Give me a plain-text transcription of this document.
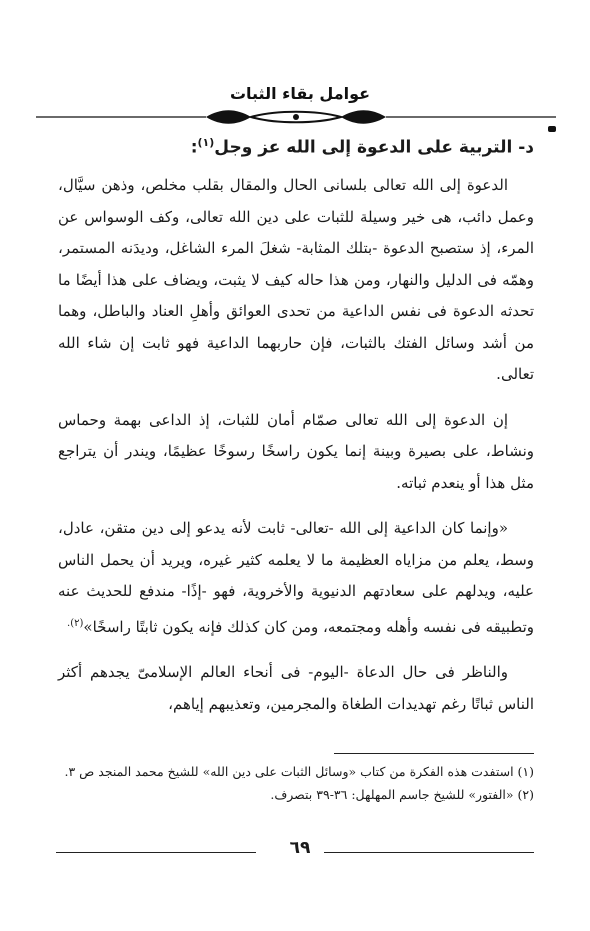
عوامل بقاء الثبات
د- التربية على الدعوة إلى الله عز وجل$^{(١)}$:

الدعوة إلى الله تعالى بلسانى الحال والمقال بقلب مخلص، وذهن سيَّال، وعمل دائب، هى خير وسيلة للثبات على دين الله تعالى، وكف الوسواس عن المرء، إذ ستصبح الدعوة -بتلك المثابة- شغلَ المرء الشاغل، وديدَنه المستمر، وهمّه فى الدليل والنهار، ومن هذا حاله كيف لا يثبت، ويضاف على هذا أيضًا ما تحدثه الدعوة فى نفس الداعية من تحدى العوائق وأهلِ العناد والباطل، وهما من أشد وسائل الفتك بالثبات، فإن حاربهما الداعية فهو ثابت إن شاء الله تعالى.

إن الدعوة إلى الله تعالى صمّام أمان للثبات، إذ الداعى بهمة وحماس ونشاط، على بصيرة وبينة إنما يكون راسخًا رسوخًا عظيمًا، ويندر أن يتراجع مثل هذا أو ينعدم ثباته.

«وإنما كان الداعية إلى الله -تعالى- ثابت لأنه يدعو إلى دين متقن، عادل، وسط، يعلم من مزاياه العظيمة ما لا يعلمه كثير غيره، ويريد أن يحمل الناس عليه، ويدلهم على سعادتهم الدنيوية والأخروية، فهو -إذًا- مندفع للحديث عنه وتطبيقه فى نفسه وأهله ومجتمعه، ومن كان كذلك فإنه يكون ثابتًا راسخًا»$^{(٢).}$

والناظر فى حال الدعاة -اليوم- فى أنحاء العالم الإسلامىّ يجدهم أكثر الناس ثباتًا رغم تهديدات الطغاة والمجرمين، وتعذيبهم إياهم،

(١) استفدت هذه الفكرة من كتاب «وسائل الثبات على دين الله» للشيخ محمد المنجد ص ٣.
(٢) «الفتور» للشيخ جاسم المهلهل: ٣٦-٣٩ بتصرف.
٦٩
